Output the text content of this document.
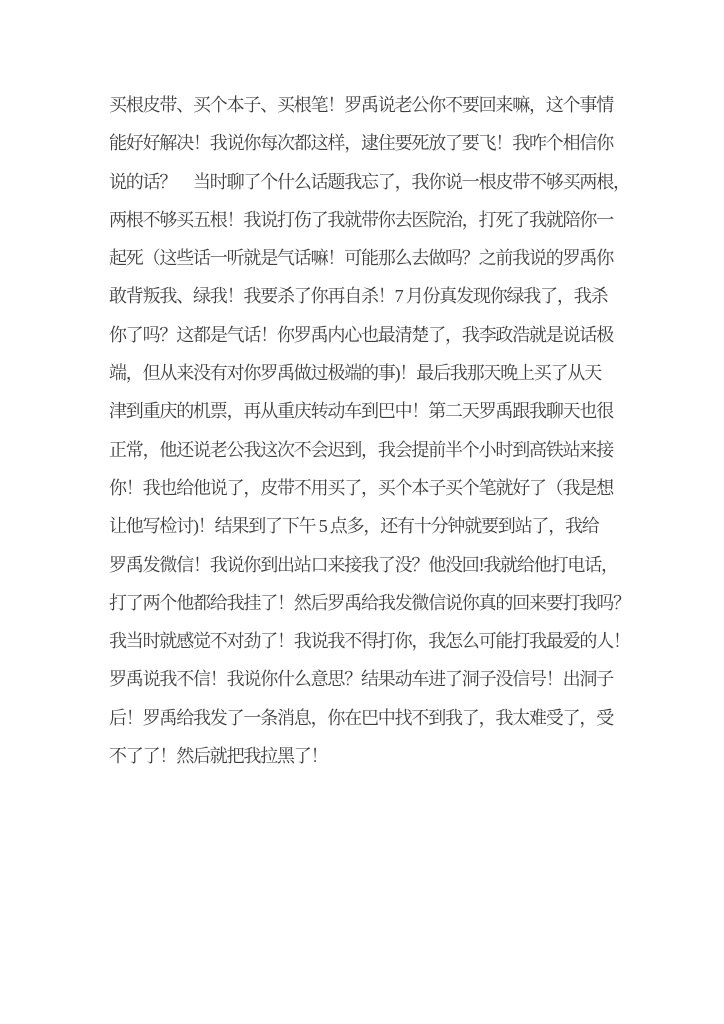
买根皮带、买个本子、买根笔！罗禹说老公你不要回来嘛，这个事情
能好好解决！我说你每次都这样，逮住要死放了要飞！我咋个相信你
说的话？　当时聊了个什么话题我忘了，我你说一根皮带不够买两根，
两根不够买五根！我说打伤了我就带你去医院治，打死了我就陪你一
起死（这些话一听就是气话嘛！可能那么去做吗？之前我说的罗禹你
敢背叛我、绿我！我要杀了你再自杀！7 月份真发现你绿我了，我杀
你了吗？这都是气话！你罗禹内心也最清楚了，我李政浩就是说话极
端，但从来没有对你罗禹做过极端的事)！最后我那天晚上买了从天
津到重庆的机票，再从重庆转动车到巴中！第二天罗禹跟我聊天也很
正常，他还说老公我这次不会迟到，我会提前半个小时到高铁站来接
你！我也给他说了，皮带不用买了，买个本子买个笔就好了（我是想
让他写检讨)！结果到了下午 5 点多，还有十分钟就要到站了，我给
罗禹发微信！我说你到出站口来接我了没？他没回!我就给他打电话，
打了两个他都给我挂了！然后罗禹给我发微信说你真的回来要打我吗？
我当时就感觉不对劲了！我说我不得打你，我怎么可能打我最爱的人！
罗禹说我不信！我说你什么意思？结果动车进了洞子没信号！出洞子
后！罗禹给我发了一条消息，你在巴中找不到我了，我太难受了，受
不了了！然后就把我拉黑了！
